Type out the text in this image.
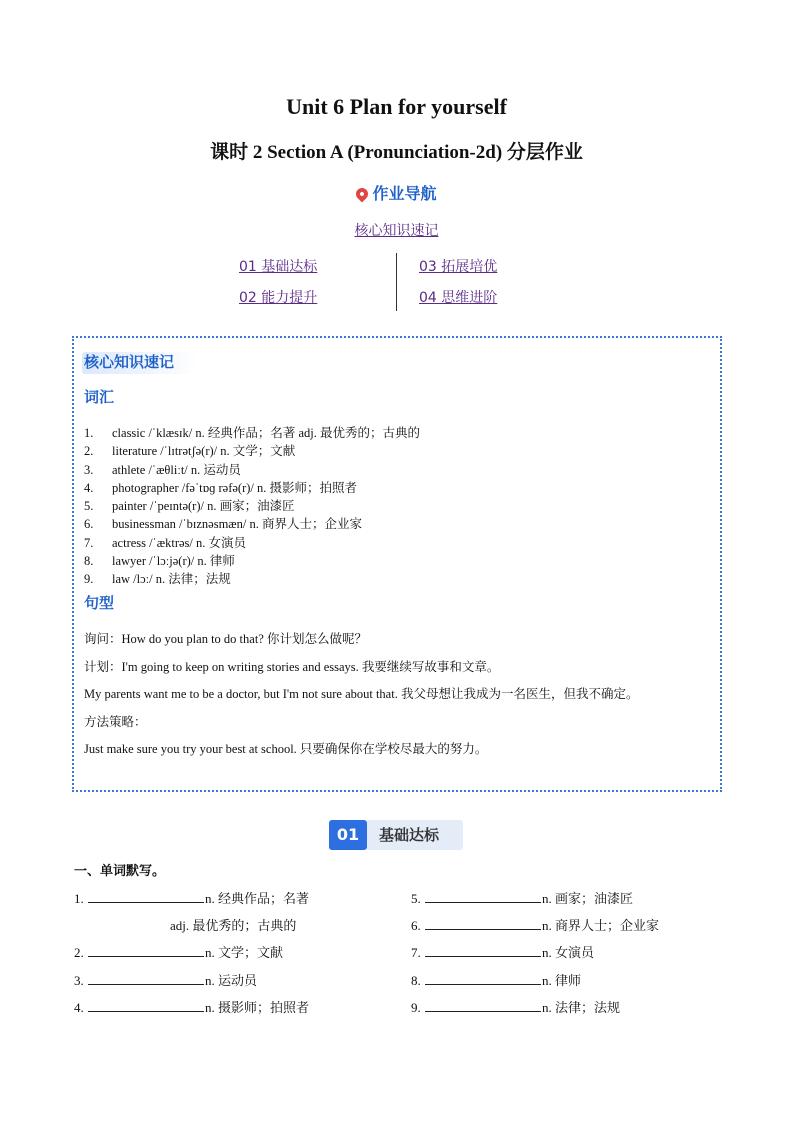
Unit 6 Plan for yourself
课时 2 Section A (Pronunciation-2d) 分层作业
作业导航
核心知识速记
01 基础达标	03 拓展培优
02 能力提升	04 思维进阶
核心知识速记
词汇
1. classic /ˈklæsɪk/ n. 经典作品；名著 adj. 最优秀的；古典的
2. literature /ˈlɪtrətʃə(r)/ n. 文学；文献
3. athlete /ˈæθliːt/ n. 运动员
4. photographer /fəˈtɒɡ rəfə(r)/ n. 摄影师；拍照者
5. painter /ˈpeɪntə(r)/ n. 画家；油漆匠
6. businessman /ˈbɪznəsmæn/ n. 商界人士；企业家
7. actress /ˈæktrəs/ n. 女演员
8. lawyer /ˈlɔːjə(r)/ n. 律师
9. law /lɔː/ n. 法律；法规
句型
询问：How do you plan to do that? 你计划怎么做呢？
计划：I'm going to keep on writing stories and essays. 我要继续写故事和文章。
My parents want me to be a doctor, but I'm not sure about that. 我父母想让我成为一名医生，但我不确定。
方法策略：
Just make sure you try your best at school. 只要确保你在学校尽最大的努力。
01	基础达标
一、单词默写。
1.	n. 经典作品；名著
adj. 最优秀的；古典的
2.	n. 文学；文献
3.	n. 运动员
4.	n. 摄影师；拍照者
5.	n. 画家；油漆匠
6.	n. 商界人士；企业家
7.	n. 女演员
8.	n. 律师
9.	n. 法律；法规
